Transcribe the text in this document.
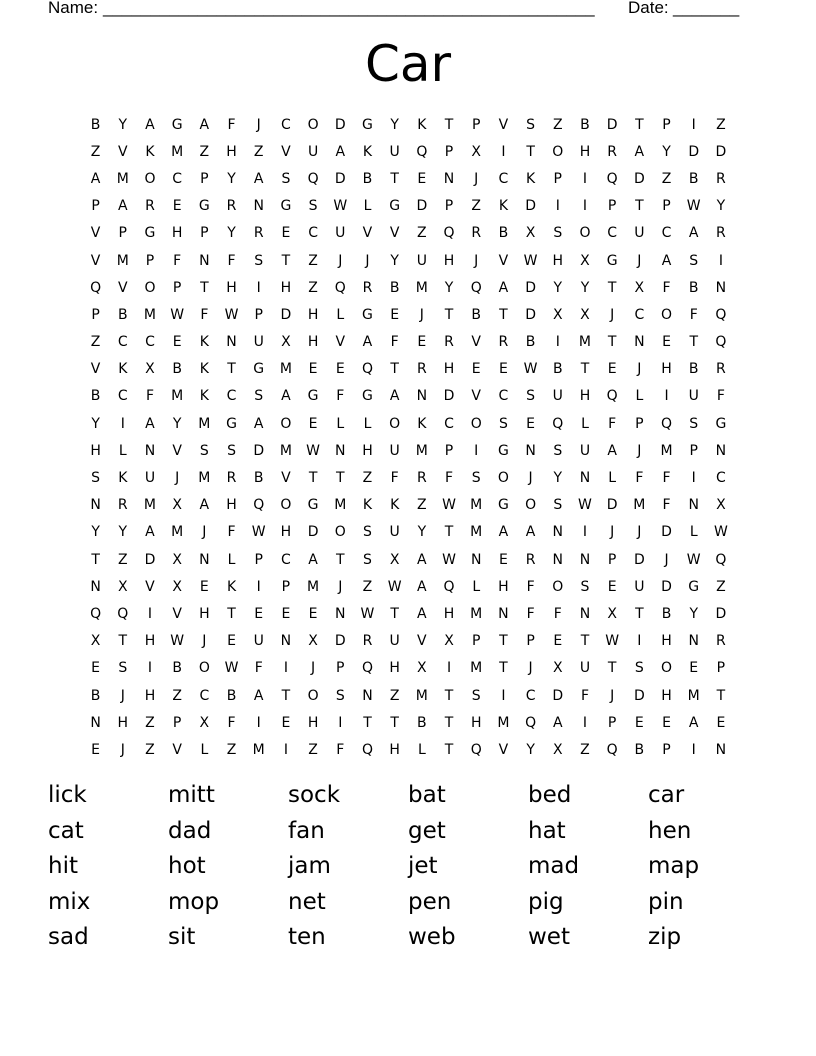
Name: ____________________________________________________ Date: _______
Car
B	Y	A	G	A	F	J	C	O	D	G	Y	K	T	P	V	S	Z	B	D	T	P	I	Z
Z	V	K	M	Z	H	Z	V	U	A	K	U	Q	P	X	I	T	O	H	R	A	Y	D	D
A	M	O	C	P	Y	A	S	Q	D	B	T	E	N	J	C	K	P	I	Q	D	Z	B	R
P	A	R	E	G	R	N	G	S	W	L	G	D	P	Z	K	D	I	I	P	T	P	W	Y
V	P	G	H	P	Y	R	E	C	U	V	V	Z	Q	R	B	X	S	O	C	U	C	A	R
V	M	P	F	N	F	S	T	Z	J	J	Y	U	H	J	V	W	H	X	G	J	A	S	I
Q	V	O	P	T	H	I	H	Z	Q	R	B	M	Y	Q	A	D	Y	Y	T	X	F	B	N
P	B	M	W	F	W	P	D	H	L	G	E	J	T	B	T	D	X	X	J	C	O	F	Q
Z	C	C	E	K	N	U	X	H	V	A	F	E	R	V	R	B	I	M	T	N	E	T	Q
V	K	X	B	K	T	G	M	E	E	Q	T	R	H	E	E	W	B	T	E	J	H	B	R
B	C	F	M	K	C	S	A	G	F	G	A	N	D	V	C	S	U	H	Q	L	I	U	F
Y	I	A	Y	M	G	A	O	E	L	L	O	K	C	O	S	E	Q	L	F	P	Q	S	G
H	L	N	V	S	S	D	M	W	N	H	U	M	P	I	G	N	S	U	A	J	M	P	N
S	K	U	J	M	R	B	V	T	T	Z	F	R	F	S	O	J	Y	N	L	F	F	I	C
N	R	M	X	A	H	Q	O	G	M	K	K	Z	W	M	G	O	S	W	D	M	F	N	X
Y	Y	A	M	J	F	W	H	D	O	S	U	Y	T	M	A	A	N	I	J	J	D	L	W
T	Z	D	X	N	L	P	C	A	T	S	X	A	W	N	E	R	N	N	P	D	J	W	Q
N	X	V	X	E	K	I	P	M	J	Z	W	A	Q	L	H	F	O	S	E	U	D	G	Z
Q	Q	I	V	H	T	E	E	E	N	W	T	A	H	M	N	F	F	N	X	T	B	Y	D
X	T	H	W	J	E	U	N	X	D	R	U	V	X	P	T	P	E	T	W	I	H	N	R
E	S	I	B	O	W	F	I	J	P	Q	H	X	I	M	T	J	X	U	T	S	O	E	P
B	J	H	Z	C	B	A	T	O	S	N	Z	M	T	S	I	C	D	F	J	D	H	M	T
N	H	Z	P	X	F	I	E	H	I	T	T	B	T	H	M	Q	A	I	P	E	E	A	E
E	J	Z	V	L	Z	M	I	Z	F	Q	H	L	T	Q	V	Y	X	Z	Q	B	P	I	N
lick	mitt	sock	bat	bed	car
cat	dad	fan	get	hat	hen
hit	hot	jam	jet	mad	map
mix	mop	net	pen	pig	pin
sad	sit	ten	web	wet	zip
